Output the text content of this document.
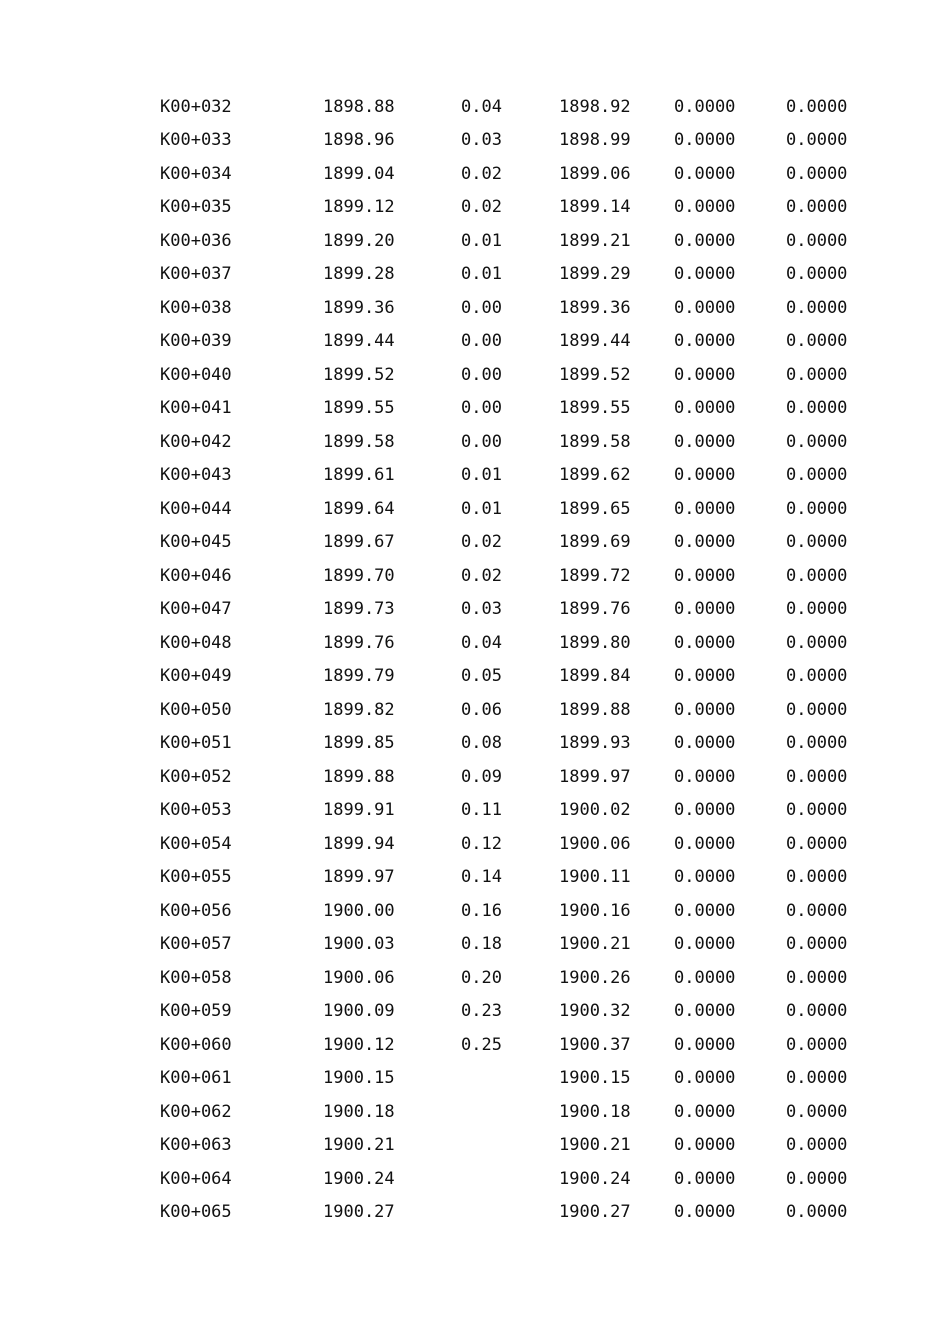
K00+032	1898.88	0.04	1898.92	0.0000	0.0000
K00+033	1898.96	0.03	1898.99	0.0000	0.0000
K00+034	1899.04	0.02	1899.06	0.0000	0.0000
K00+035	1899.12	0.02	1899.14	0.0000	0.0000
K00+036	1899.20	0.01	1899.21	0.0000	0.0000
K00+037	1899.28	0.01	1899.29	0.0000	0.0000
K00+038	1899.36	0.00	1899.36	0.0000	0.0000
K00+039	1899.44	0.00	1899.44	0.0000	0.0000
K00+040	1899.52	0.00	1899.52	0.0000	0.0000
K00+041	1899.55	0.00	1899.55	0.0000	0.0000
K00+042	1899.58	0.00	1899.58	0.0000	0.0000
K00+043	1899.61	0.01	1899.62	0.0000	0.0000
K00+044	1899.64	0.01	1899.65	0.0000	0.0000
K00+045	1899.67	0.02	1899.69	0.0000	0.0000
K00+046	1899.70	0.02	1899.72	0.0000	0.0000
K00+047	1899.73	0.03	1899.76	0.0000	0.0000
K00+048	1899.76	0.04	1899.80	0.0000	0.0000
K00+049	1899.79	0.05	1899.84	0.0000	0.0000
K00+050	1899.82	0.06	1899.88	0.0000	0.0000
K00+051	1899.85	0.08	1899.93	0.0000	0.0000
K00+052	1899.88	0.09	1899.97	0.0000	0.0000
K00+053	1899.91	0.11	1900.02	0.0000	0.0000
K00+054	1899.94	0.12	1900.06	0.0000	0.0000
K00+055	1899.97	0.14	1900.11	0.0000	0.0000
K00+056	1900.00	0.16	1900.16	0.0000	0.0000
K00+057	1900.03	0.18	1900.21	0.0000	0.0000
K00+058	1900.06	0.20	1900.26	0.0000	0.0000
K00+059	1900.09	0.23	1900.32	0.0000	0.0000
K00+060	1900.12	0.25	1900.37	0.0000	0.0000
K00+061	1900.15		1900.15	0.0000	0.0000
K00+062	1900.18		1900.18	0.0000	0.0000
K00+063	1900.21		1900.21	0.0000	0.0000
K00+064	1900.24		1900.24	0.0000	0.0000
K00+065	1900.27		1900.27	0.0000	0.0000
